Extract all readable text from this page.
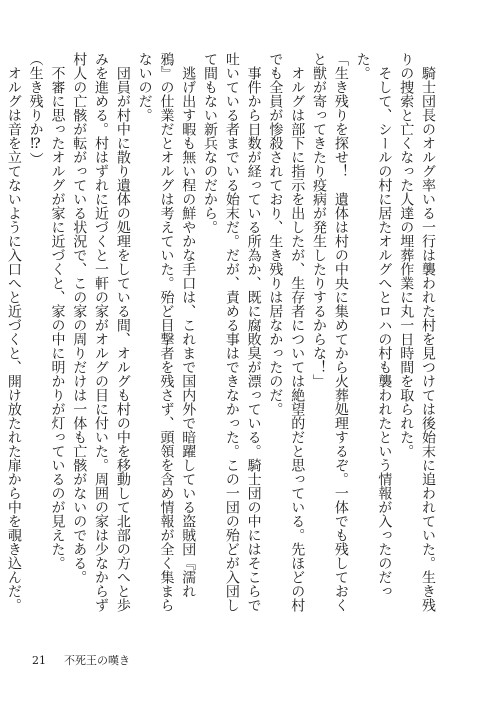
騎士団長のオルグ率いる一行は襲われた村を見つけては後始末に追われていた。生き残りの捜索と亡くなった人達の埋葬作業に丸一日時間を取られた。

そして、シールの村に居たオルグへとロハの村も襲われたという情報が入ったのだった。

「生き残りを探せ！　遺体は村の中央に集めてから火葬処理するぞ。一体でも残しておくと獣が寄ってきたり疫病が発生したりするからな！」

オルグは部下に指示を出したが、生存者については絶望的だと思っている。先ほどの村でも全員が惨殺されており、生き残りは居なかったのだ。

事件から日数が経っている所為か、既に腐敗臭が漂っている。騎士団の中にはそこらで吐いている者までいる始末だ。だが、責める事はできなかった。この一団の殆どが入団して間もない新兵なのだから。

逃げ出す暇も無い程の鮮やかな手口は、これまで国内外で暗躍している盗賊団『濡れ鴉』の仕業だとオルグは考えていた。殆ど目撃者を残さず、頭領を含め情報が全く集まらないのだ。

団員が村中に散り遺体の処理をしている間、オルグも村の中を移動して北部の方へと歩みを進める。村はずれに近づくと一軒の家がオルグの目に付いた。周囲の家は少なからず村人の亡骸が転がっている状況で、この家の周りだけは一体も亡骸がないのである。

不審に思ったオルグが家に近づくと、家の中に明かりが灯っているのが見えた。

（生き残りか⁉）

オルグは音を立てないように入口へと近づくと、開け放たれた扉から中を覗き込んだ。

21 不死王の嘆き
